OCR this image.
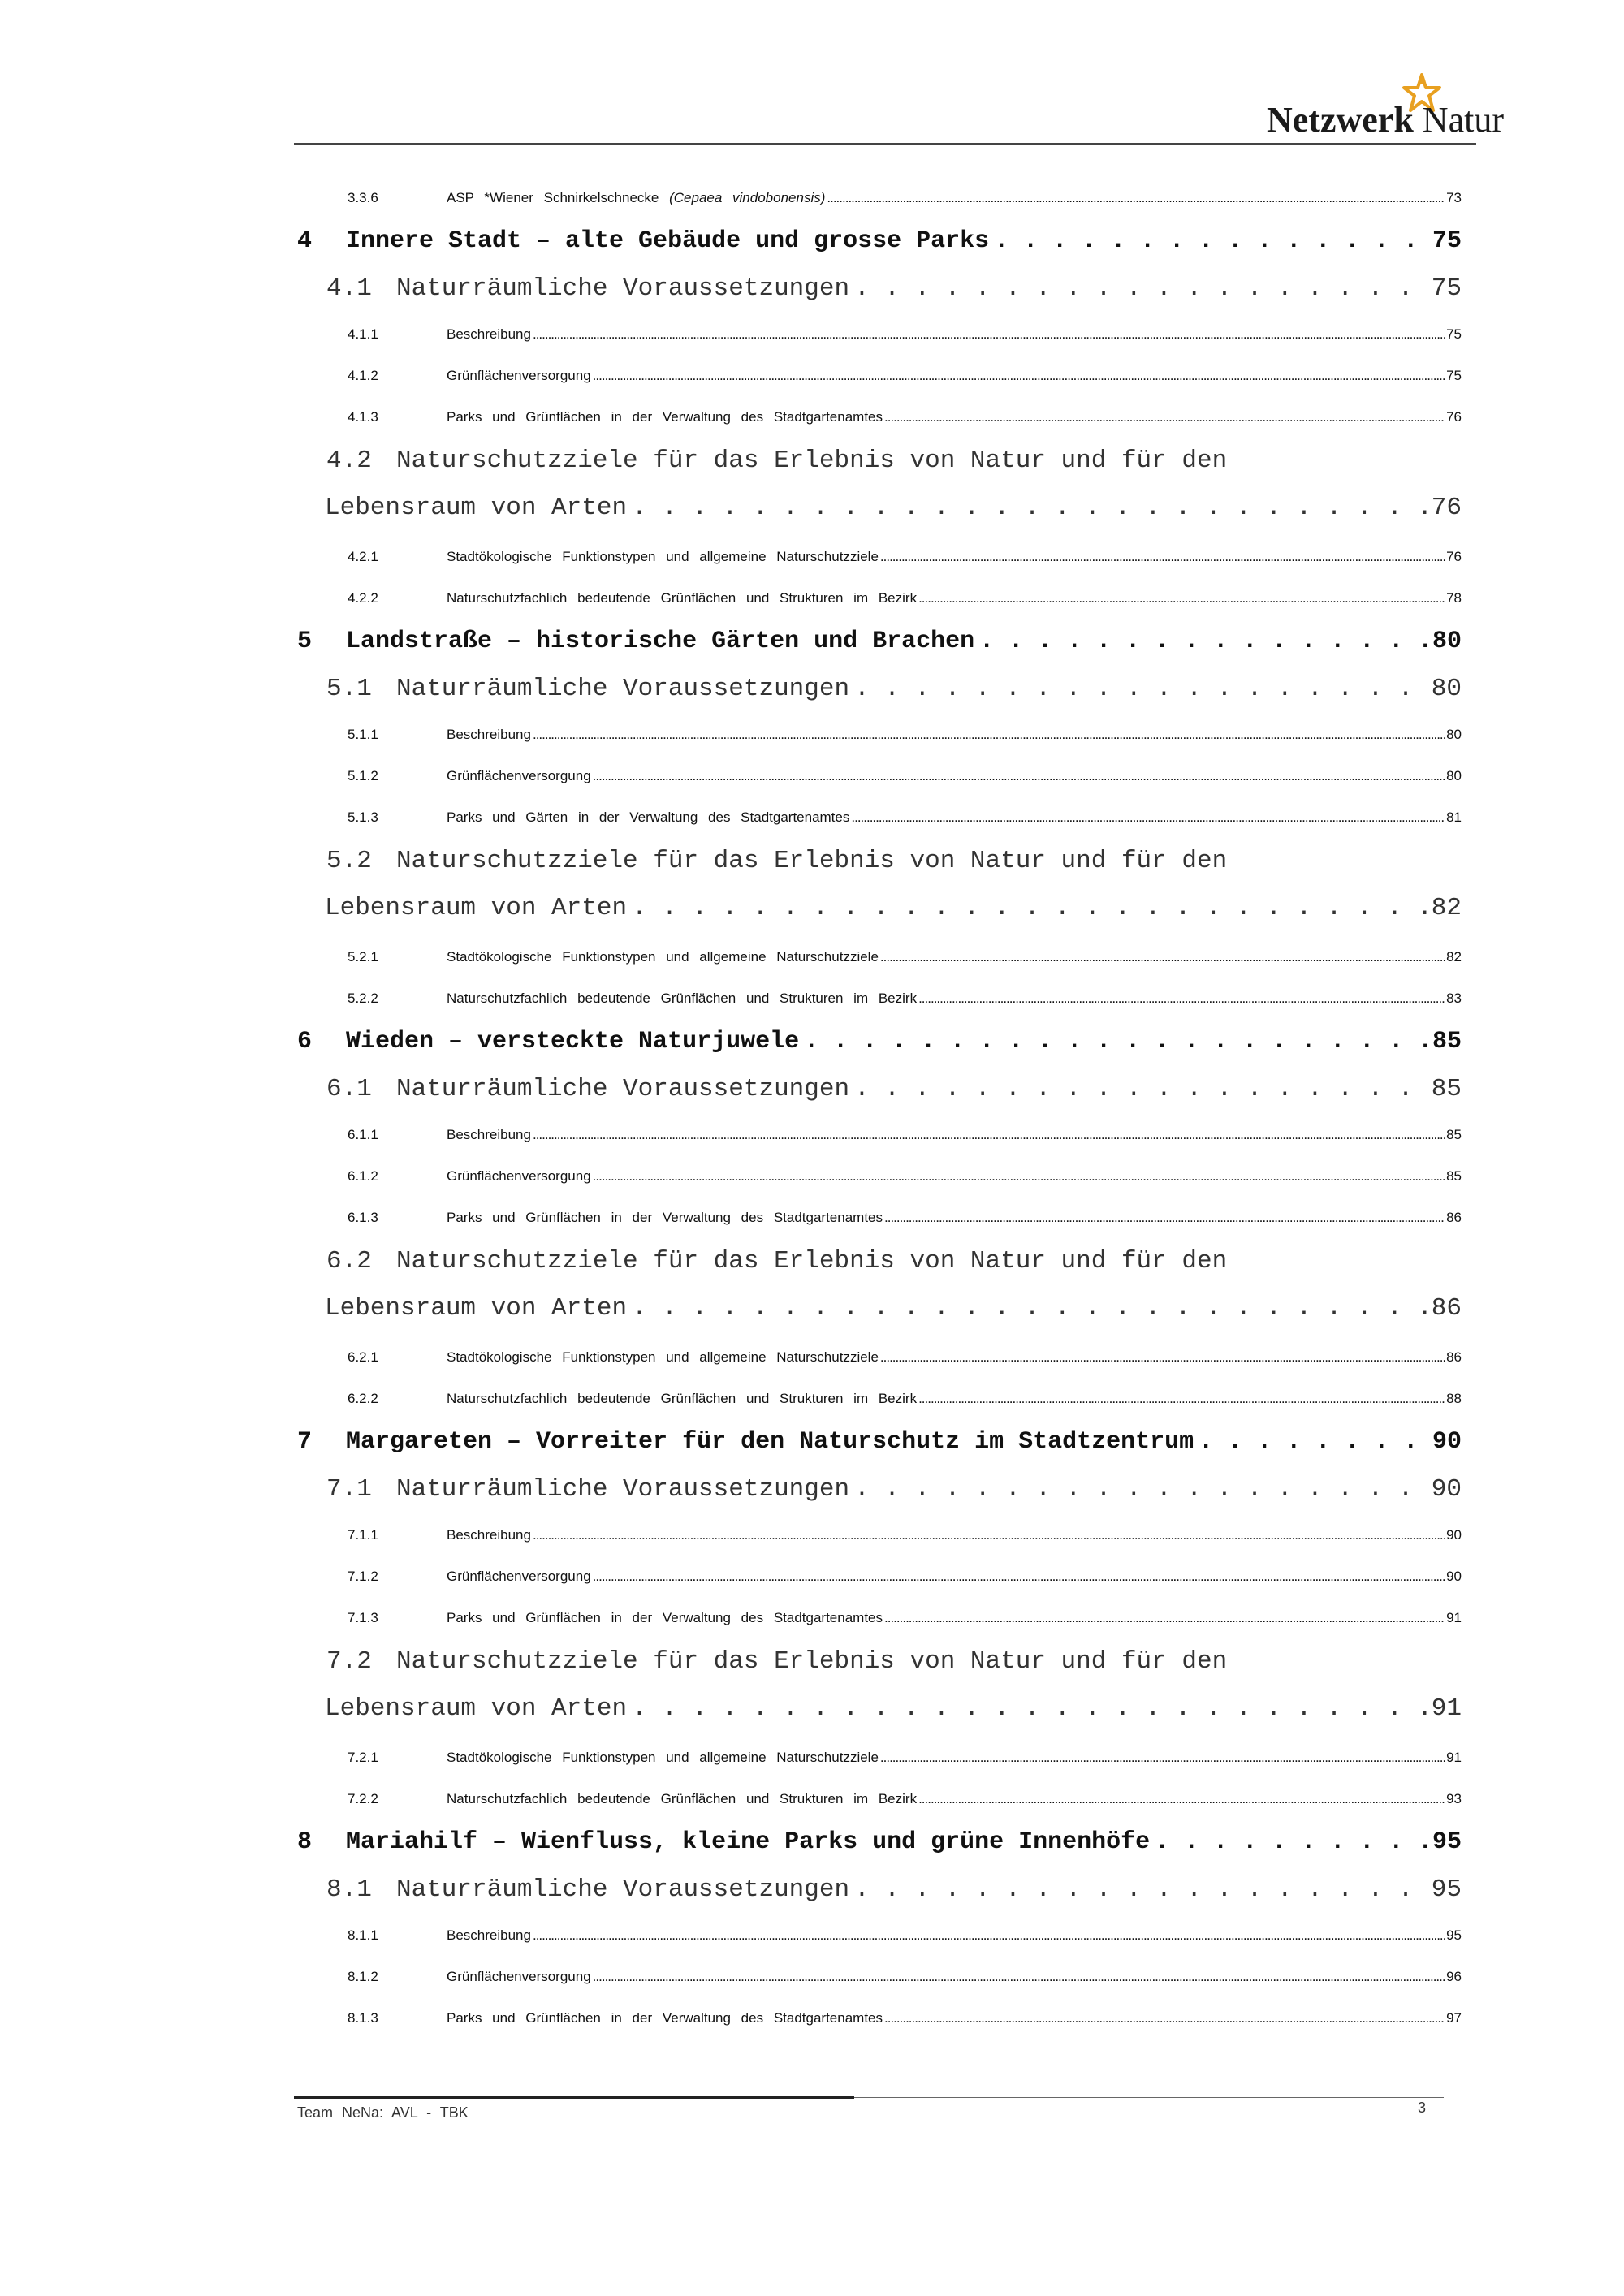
Netzwerk Natur
3.3.6	ASP *Wiener Schnirkelschnecke (Cepaea vindobonensis) .....	73
4	Innere Stadt – alte Gebäude und grosse Parks . . .	75
4.1 Naturräumliche Voraussetzungen . . .	75
4.1.1	Beschreibung .....	75
4.1.2	Grünflächenversorgung .....	75
4.1.3	Parks und Grünflächen in der Verwaltung des Stadtgartenamtes .....	76
4.2 Naturschutzziele für das Erlebnis von Natur und für den
Lebensraum von Arten . . .	76
4.2.1	Stadtökologische Funktionstypen und allgemeine Naturschutzziele .....	76
4.2.2	Naturschutzfachlich bedeutende Grünflächen und Strukturen im Bezirk .....	78
5	Landstraße – historische Gärten und Brachen . . .	80
5.1 Naturräumliche Voraussetzungen . . .	80
5.1.1	Beschreibung .....	80
5.1.2	Grünflächenversorgung .....	80
5.1.3	Parks und Gärten in der Verwaltung des Stadtgartenamtes .....	81
5.2 Naturschutzziele für das Erlebnis von Natur und für den
Lebensraum von Arten . . .	82
5.2.1	Stadtökologische Funktionstypen und allgemeine Naturschutzziele .....	82
5.2.2	Naturschutzfachlich bedeutende Grünflächen und Strukturen im Bezirk .....	83
6	Wieden – versteckte Naturjuwele . . .	85
6.1 Naturräumliche Voraussetzungen . . .	85
6.1.1	Beschreibung .....	85
6.1.2	Grünflächenversorgung .....	85
6.1.3	Parks und Grünflächen in der Verwaltung des Stadtgartenamtes .....	86
6.2 Naturschutzziele für das Erlebnis von Natur und für den
Lebensraum von Arten . . .	86
6.2.1	Stadtökologische Funktionstypen und allgemeine Naturschutzziele .....	86
6.2.2	Naturschutzfachlich bedeutende Grünflächen und Strukturen im Bezirk .....	88
7	Margareten – Vorreiter für den Naturschutz im Stadtzentrum . . .	90
7.1 Naturräumliche Voraussetzungen . . .	90
7.1.1	Beschreibung .....	90
7.1.2	Grünflächenversorgung .....	90
7.1.3	Parks und Grünflächen in der Verwaltung des Stadtgartenamtes .....	91
7.2 Naturschutzziele für das Erlebnis von Natur und für den
Lebensraum von Arten . . .	91
7.2.1	Stadtökologische Funktionstypen und allgemeine Naturschutzziele .....	91
7.2.2	Naturschutzfachlich bedeutende Grünflächen und Strukturen im Bezirk .....	93
8	Mariahilf – Wienfluss, kleine Parks und grüne Innenhöfe . . .	95
8.1 Naturräumliche Voraussetzungen . . .	95
8.1.1	Beschreibung .....	95
8.1.2	Grünflächenversorgung .....	96
8.1.3	Parks und Grünflächen in der Verwaltung des Stadtgartenamtes .....	97
Team NeNa: AVL - TBK	3
